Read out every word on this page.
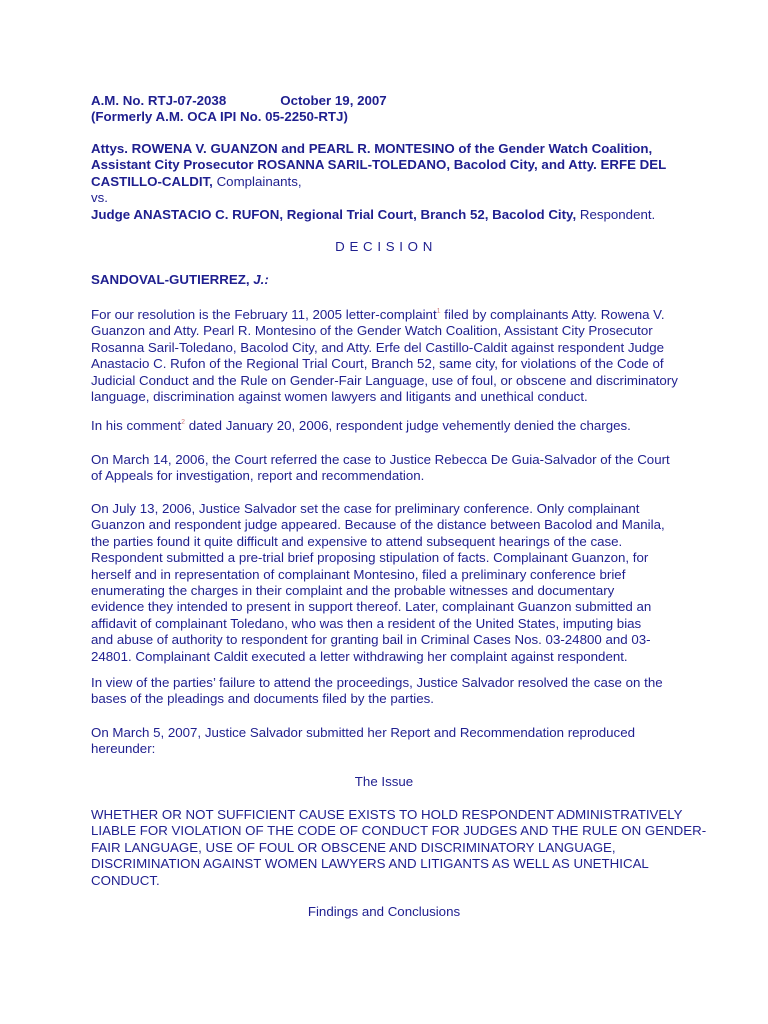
A.M. No. RTJ-07-2038	October 19, 2007
(Formerly A.M. OCA IPI No. 05-2250-RTJ)

Attys. ROWENA V. GUANZON and PEARL R. MONTESINO of the Gender Watch Coalition, Assistant City Prosecutor ROSANNA SARIL-TOLEDANO, Bacolod City, and Atty. ERFE DEL CASTILLO-CALDIT, Complainants,
vs.
Judge ANASTACIO C. RUFON, Regional Trial Court, Branch 52, Bacolod City, Respondent.

D E C I S I O N

SANDOVAL-GUTIERREZ, J.:

For our resolution is the February 11, 2005 letter-complaint$^1$ filed by complainants Atty. Rowena V. Guanzon and Atty. Pearl R. Montesino of the Gender Watch Coalition, Assistant City Prosecutor Rosanna Saril-Toledano, Bacolod City, and Atty. Erfe del Castillo-Caldit against respondent Judge Anastacio C. Rufon of the Regional Trial Court, Branch 52, same city, for violations of the Code of Judicial Conduct and the Rule on Gender-Fair Language, use of foul, or obscene and discriminatory language, discrimination against women lawyers and litigants and unethical conduct.

In his comment$^2$ dated January 20, 2006, respondent judge vehemently denied the charges.

On March 14, 2006, the Court referred the case to Justice Rebecca De Guia-Salvador of the Court of Appeals for investigation, report and recommendation.

On July 13, 2006, Justice Salvador set the case for preliminary conference. Only complainant Guanzon and respondent judge appeared. Because of the distance between Bacolod and Manila, the parties found it quite difficult and expensive to attend subsequent hearings of the case. Respondent submitted a pre-trial brief proposing stipulation of facts. Complainant Guanzon, for herself and in representation of complainant Montesino, filed a preliminary conference brief enumerating the charges in their complaint and the probable witnesses and documentary evidence they intended to present in support thereof. Later, complainant Guanzon submitted an affidavit of complainant Toledano, who was then a resident of the United States, imputing bias and abuse of authority to respondent for granting bail in Criminal Cases Nos. 03-24800 and 03-24801. Complainant Caldit executed a letter withdrawing her complaint against respondent.

In view of the parties’ failure to attend the proceedings, Justice Salvador resolved the case on the bases of the pleadings and documents filed by the parties.

On March 5, 2007, Justice Salvador submitted her Report and Recommendation reproduced hereunder:

The Issue

WHETHER OR NOT SUFFICIENT CAUSE EXISTS TO HOLD RESPONDENT ADMINISTRATIVELY LIABLE FOR VIOLATION OF THE CODE OF CONDUCT FOR JUDGES AND THE RULE ON GENDER-FAIR LANGUAGE, USE OF FOUL OR OBSCENE AND DISCRIMINATORY LANGUAGE, DISCRIMINATION AGAINST WOMEN LAWYERS AND LITIGANTS AS WELL AS UNETHICAL CONDUCT.

Findings and Conclusions
